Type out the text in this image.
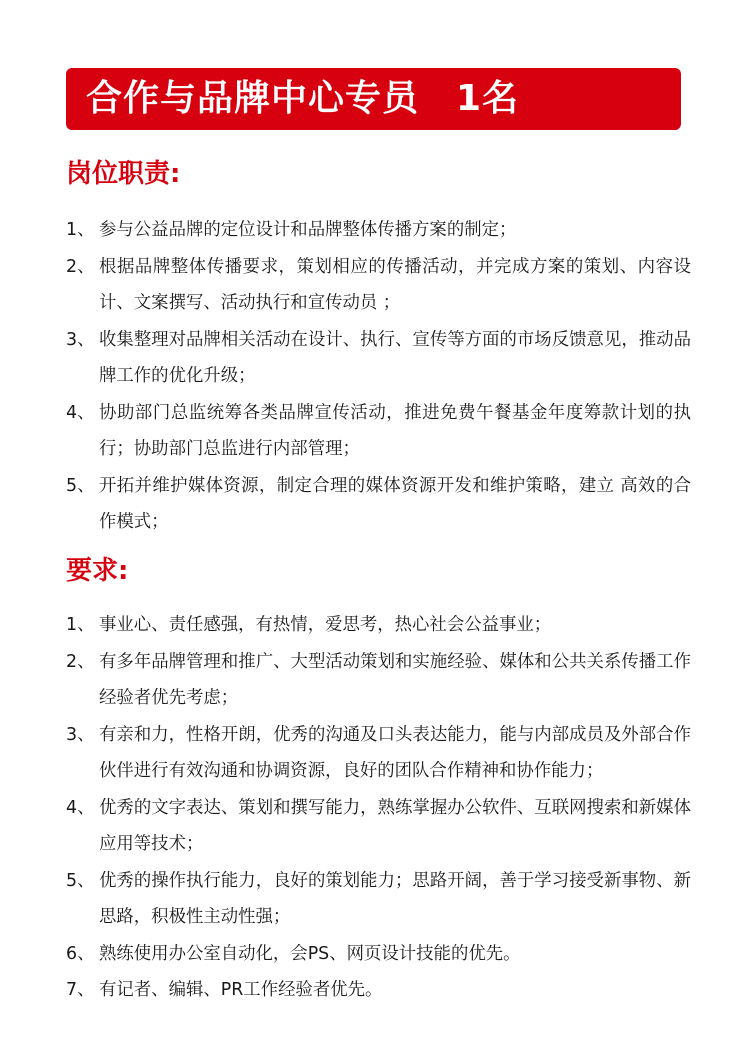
合作与品牌中心专员　1名
岗位职责:
1、 参与公益品牌的定位设计和品牌整体传播方案的制定；

2、 根据品牌整体传播要求，策划相应的传播活动，并完成方案的策划、内容设计、文案撰写、活动执行和宣传动员 ；

3、 收集整理对品牌相关活动在设计、执行、宣传等方面的市场反馈意见，推动品牌工作的优化升级；

4、 协助部门总监统筹各类品牌宣传活动，推进免费午餐基金年度筹款计划的执行；协助部门总监进行内部管理；

5、 开拓并维护媒体资源，制定合理的媒体资源开发和维护策略，建立 高效的合作模式；

要求:
1、 事业心、责任感强，有热情，爱思考，热心社会公益事业；

2、 有多年品牌管理和推广、大型活动策划和实施经验、媒体和公共关系传播工作经验者优先考虑；

3、 有亲和力，性格开朗，优秀的沟通及口头表达能力，能与内部成员及外部合作伙伴进行有效沟通和协调资源，良好的团队合作精神和协作能力；

4、 优秀的文字表达、策划和撰写能力，熟练掌握办公软件、互联网搜索和新媒体应用等技术；

5、 优秀的操作执行能力，良好的策划能力；思路开阔，善于学习接受新事物、新思路，积极性主动性强；

6、 熟练使用办公室自动化，会PS、网页设计技能的优先。

7、 有记者、编辑、PR工作经验者优先。
